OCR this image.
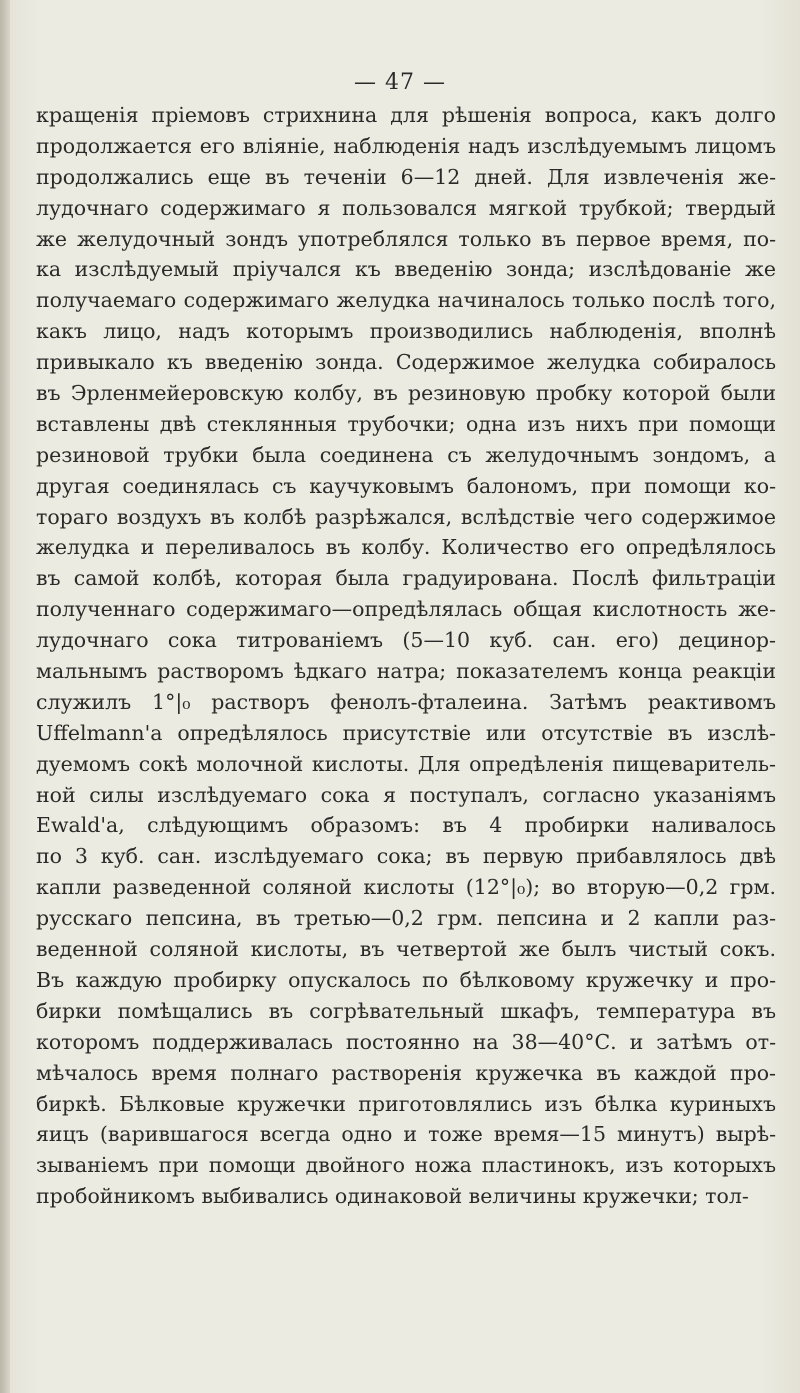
— 47 —
кращенія пріемовъ стрихнина для рѣшенія вопроса, какъ долго
продолжается его вліяніе, наблюденія надъ изслѣдуемымъ лицомъ
продолжались еще въ теченіи 6—12 дней. Для извлеченія же-
лудочнаго содержимаго я пользовался мягкой трубкой; твердый
же желудочный зондъ употреблялся только въ первое время, по-
ка изслѣдуемый пріучался къ введенію зонда; изслѣдованіе же
получаемаго содержимаго желудка начиналось только послѣ того,
какъ лицо, надъ которымъ производились наблюденія, вполнѣ
привыкало къ введенію зонда. Содержимое желудка собиралось
въ Эрленмейеровскую колбу, въ резиновую пробку которой были
вставлены двѣ стеклянныя трубочки; одна изъ нихъ при помощи
резиновой трубки была соединена съ желудочнымъ зондомъ, а
другая соединялась съ каучуковымъ балономъ, при помощи ко-
тораго воздухъ въ колбѣ разрѣжался, вслѣдствіе чего содержимое
желудка и переливалось въ колбу. Количество его опредѣлялось
въ самой колбѣ, которая была градуирована. Послѣ фильтраціи
полученнаго содержимаго—опредѣлялась общая кислотность же-
лудочнаго сока титрованіемъ (5—10 куб. сан. его) децинор-
мальнымъ растворомъ ѣдкаго натра; показателемъ конца реакціи
служилъ 1°|₀ растворъ фенолъ-фталеина. Затѣмъ реактивомъ
Uffelmann'а опредѣлялось присутствіе или отсутствіе въ изслѣ-
дуемомъ сокѣ молочной кислоты. Для опредѣленія пищеваритель-
ной силы изслѣдуемаго сока я поступалъ, согласно указаніямъ
Ewald'а, слѣдующимъ образомъ: въ 4 пробирки наливалось
по 3 куб. сан. изслѣдуемаго сока; въ первую прибавлялось двѣ
капли разведенной соляной кислоты (12°|₀); во вторую—0,2 грм.
русскаго пепсина, въ третью—0,2 грм. пепсина и 2 капли раз-
веденной соляной кислоты, въ четвертой же былъ чистый сокъ.
Въ каждую пробирку опускалось по бѣлковому кружечку и про-
бирки помѣщались въ согрѣвательный шкафъ, температура въ
которомъ поддерживалась постоянно на 38—40°С. и затѣмъ от-
мѣчалось время полнаго растворенія кружечка въ каждой про-
биркѣ. Бѣлковые кружечки приготовлялись изъ бѣлка куриныхъ
яицъ (варившагося всегда одно и тоже время—15 минутъ) вырѣ-
зываніемъ при помощи двойного ножа пластинокъ, изъ которыхъ
пробойникомъ выбивались одинаковой величины кружечки; тол-
